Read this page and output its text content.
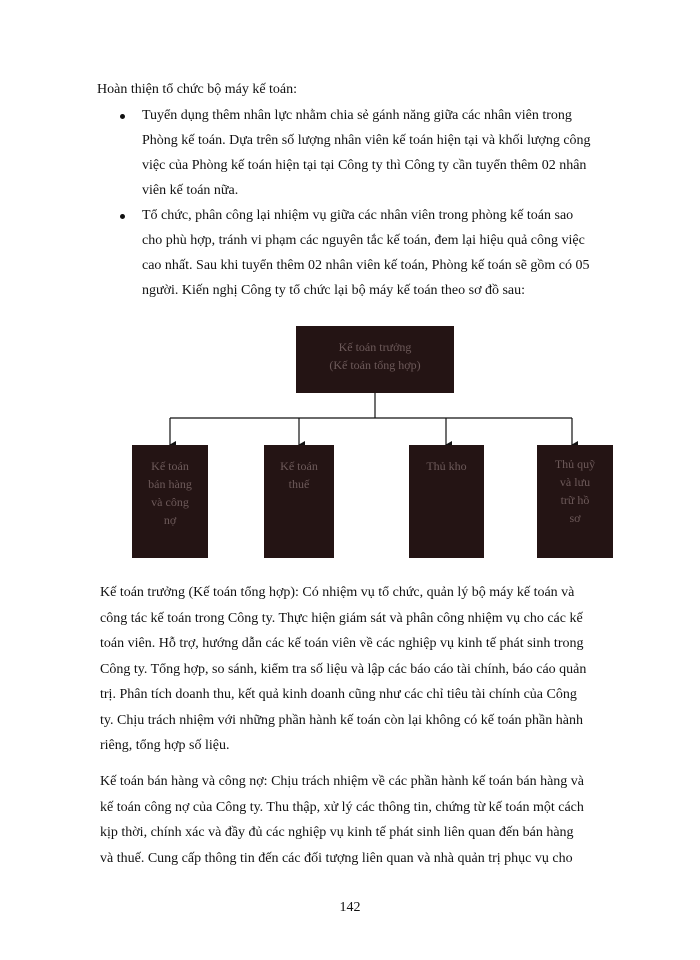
Hoàn thiện tổ chức bộ máy kế toán:
Tuyển dụng thêm nhân lực nhằm chia sẻ gánh năng giữa các nhân viên trong
Phòng kế toán. Dựa trên số lượng nhân viên kế toán hiện tại và khối lượng công
việc của Phòng kế toán hiện tại tại Công ty thì Công ty cần tuyển thêm 02 nhân
viên kế toán nữa.
Tổ chức, phân công lại nhiệm vụ giữa các nhân viên trong phòng kế toán sao
cho phù hợp, tránh vi phạm các nguyên tắc kế toán, đem lại hiệu quả công việc
cao nhất. Sau khi tuyển thêm 02 nhân viên kế toán, Phòng kế toán sẽ gồm có 05
người. Kiến nghị Công ty tổ chức lại bộ máy kế toán theo sơ đồ sau:
Kế toán trưởng
(Kế toán tổng hợp)
Kế toán
bán hàng
và công
nợ
Kế toán
thuế
Thủ kho	Thủ quỹ
và lưu
trữ hồ
sơ
Kế toán trưởng (Kế toán tổng hợp): Có nhiệm vụ tổ chức, quản lý bộ máy kế toán và
công tác kế toán trong Công ty. Thực hiện giám sát và phân công nhiệm vụ cho các kế
toán viên. Hỗ trợ, hướng dẫn các kế toán viên về các nghiệp vụ kinh tế phát sinh trong
Công ty. Tổng hợp, so sánh, kiểm tra số liệu và lập các báo cáo tài chính, báo cáo quản
trị. Phân tích doanh thu, kết quả kinh doanh cũng như các chỉ tiêu tài chính của Công
ty. Chịu trách nhiệm với những phần hành kế toán còn lại không có kế toán phần hành
riêng, tổng hợp số liệu.
Kế toán bán hàng và công nợ: Chịu trách nhiệm về các phần hành kế toán bán hàng và
kế toán công nợ của Công ty. Thu thập, xử lý các thông tin, chứng từ kế toán một cách
kịp thời, chính xác và đầy đủ các nghiệp vụ kinh tế phát sinh liên quan đến bán hàng
và thuế. Cung cấp thông tin đến các đối tượng liên quan và nhà quản trị phục vụ cho
142
